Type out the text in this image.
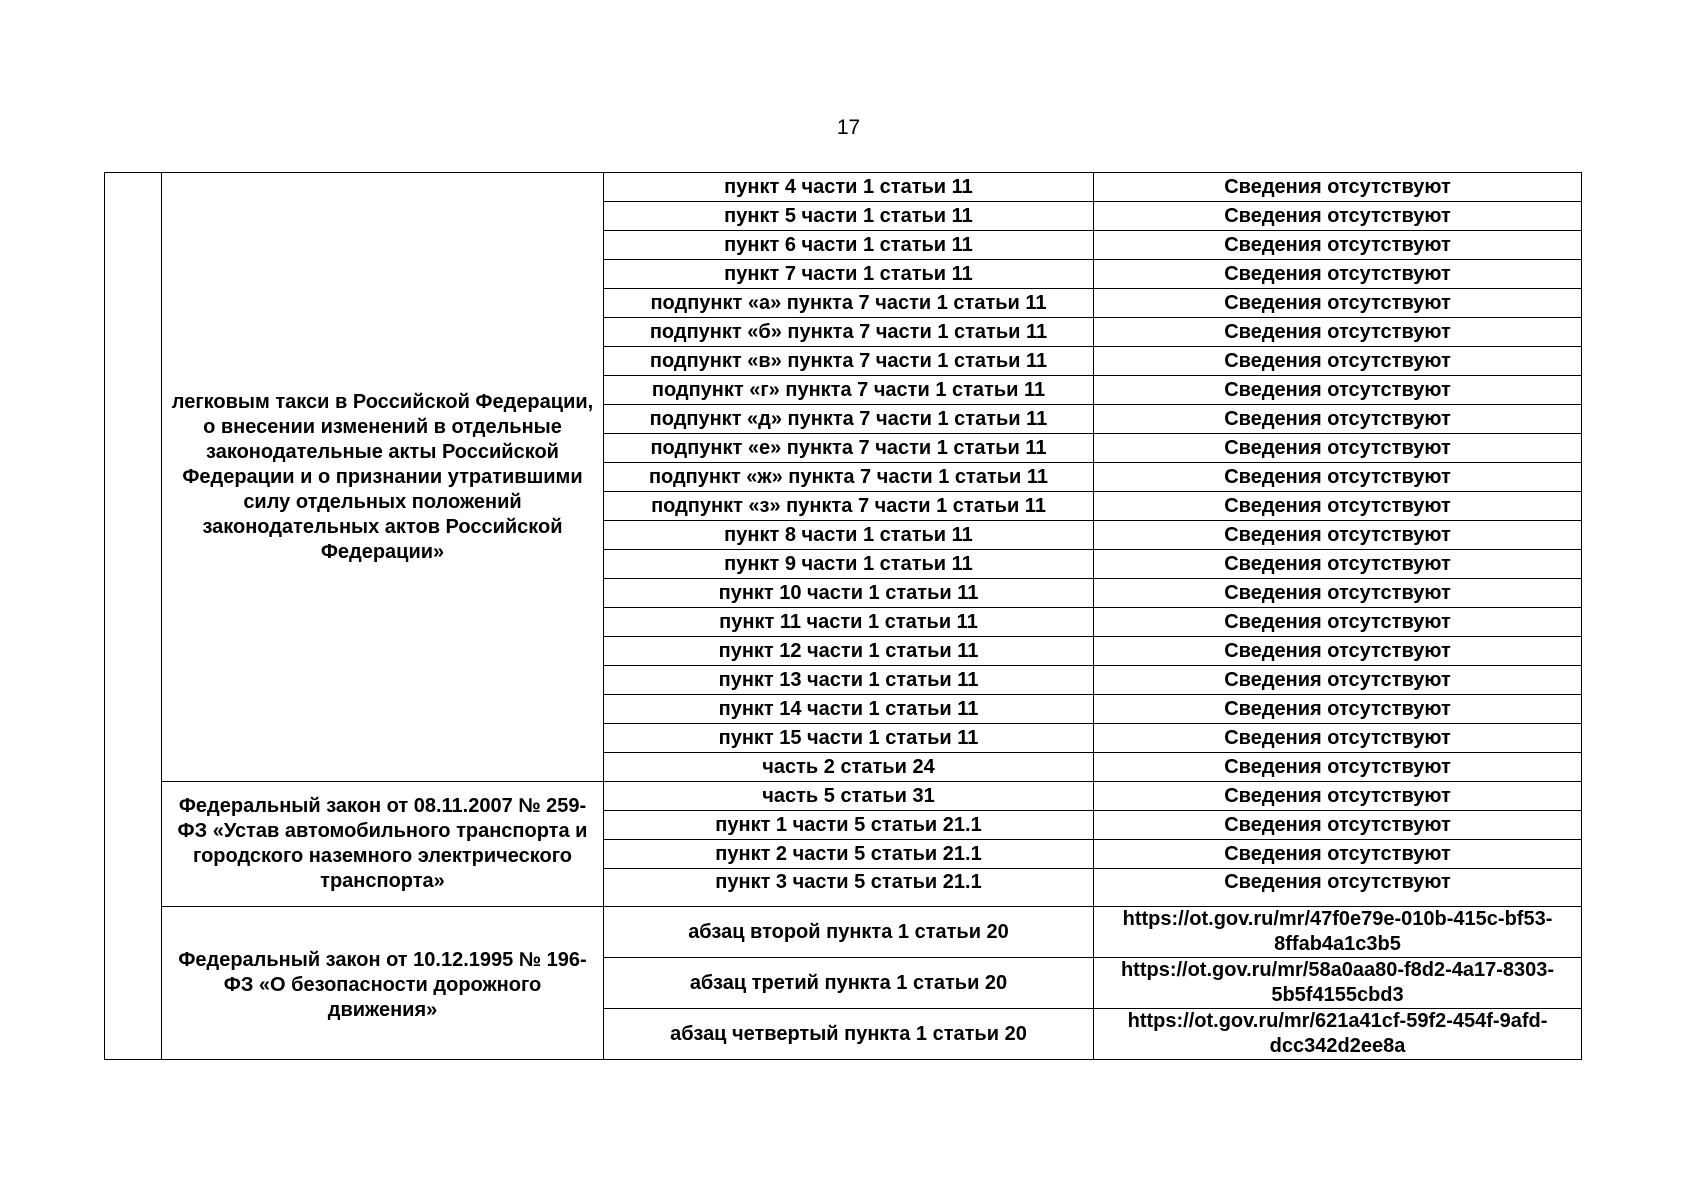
17
	легковым такси в Российской Федерации, о внесении изменений в отдельные законодательные акты Российской Федерации и о признании утратившими силу отдельных положений законодательных актов Российской Федерации»	пункт 4 части 1 статьи 11	Сведения отсутствуют
		пункт 5 части 1 статьи 11	Сведения отсутствуют
		пункт 6 части 1 статьи 11	Сведения отсутствуют
		пункт 7 части 1 статьи 11	Сведения отсутствуют
		подпункт «а» пункта 7 части 1 статьи 11	Сведения отсутствуют
		подпункт «б» пункта 7 части 1 статьи 11	Сведения отсутствуют
		подпункт «в» пункта 7 части 1 статьи 11	Сведения отсутствуют
		подпункт «г» пункта 7 части 1 статьи 11	Сведения отсутствуют
		подпункт «д» пункта 7 части 1 статьи 11	Сведения отсутствуют
		подпункт «е» пункта 7 части 1 статьи 11	Сведения отсутствуют
		подпункт «ж» пункта 7 части 1 статьи 11	Сведения отсутствуют
		подпункт «з» пункта 7 части 1 статьи 11	Сведения отсутствуют
		пункт 8 части 1 статьи 11	Сведения отсутствуют
		пункт 9 части 1 статьи 11	Сведения отсутствуют
		пункт 10 части 1 статьи 11	Сведения отсутствуют
		пункт 11 части 1 статьи 11	Сведения отсутствуют
		пункт 12 части 1 статьи 11	Сведения отсутствуют
		пункт 13 части 1 статьи 11	Сведения отсутствуют
		пункт 14 части 1 статьи 11	Сведения отсутствуют
		пункт 15 части 1 статьи 11	Сведения отсутствуют
		часть 2 статьи 24	Сведения отсутствуют
	Федеральный закон от 08.11.2007 № 259-ФЗ «Устав автомобильного транспорта и городского наземного электрического транспорта»	часть 5 статьи 31	Сведения отсутствуют
		пункт 1 части 5 статьи 21.1	Сведения отсутствуют
		пункт 2 части 5 статьи 21.1	Сведения отсутствуют
		пункт 3 части 5 статьи 21.1	Сведения отсутствуют
	Федеральный закон от 10.12.1995 № 196-ФЗ «О безопасности дорожного движения»	абзац второй пункта 1 статьи 20	https://ot.gov.ru/mr/47f0e79e-010b-415c-bf53-8ffab4a1c3b5
		абзац третий пункта 1 статьи 20	https://ot.gov.ru/mr/58a0aa80-f8d2-4a17-8303-5b5f4155cbd3
		абзац четвертый пункта 1 статьи 20	https://ot.gov.ru/mr/621a41cf-59f2-454f-9afd-dcc342d2ee8a
